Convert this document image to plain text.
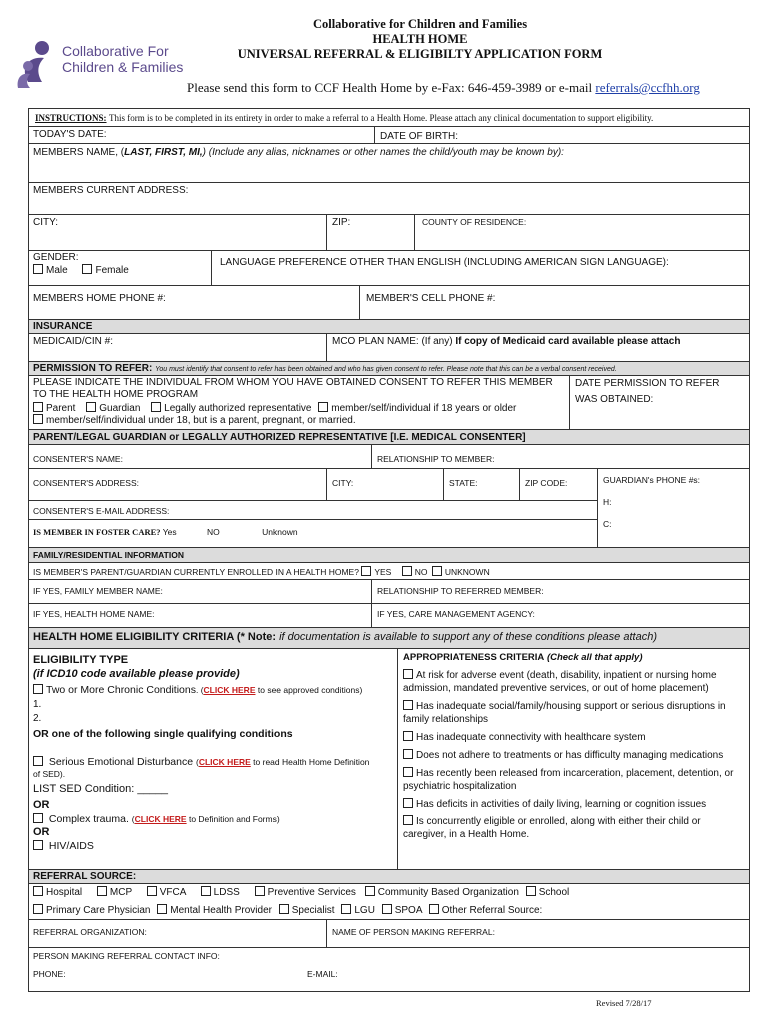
Collaborative For
Children & Families
Collaborative for Children and Families
HEALTH HOME
UNIVERSAL REFERRAL & ELIGIBILTY APPLICATION FORM
Please send this form to CCF Health Home by e-Fax: 646-459-3989 or e-mail referrals@ccfhh.org
INSTRUCTIONS: This form is to be completed in its entirety in order to make a referral to a Health Home. Please attach any clinical documentation to support eligibility.
TODAY'S DATE:	DATE OF BIRTH:
MEMBERS NAME, (LAST, FIRST, MI,) (Include any alias, nicknames or other names the child/youth may be known by):
MEMBERS CURRENT ADDRESS:
CITY:	ZIP:	COUNTY OF RESIDENCE:
GENDER:
Male	Female
LANGUAGE PREFERENCE OTHER THAN ENGLISH (INCLUDING AMERICAN SIGN LANGUAGE):
MEMBERS HOME PHONE #:	MEMBER'S CELL PHONE #:
INSURANCE
MEDICAID/CIN #:	MCO PLAN NAME: (If any) If copy of Medicaid card available please attach
PERMISSION TO REFER: You must identify that consent to refer has been obtained and who has given consent to refer. Please note that this can be a verbal consent received.
PLEASE INDICATE THE INDIVIDUAL FROM WHOM YOU HAVE OBTAINED CONSENT TO REFER THIS MEMBER
TO THE HEALTH HOME PROGRAM
Parent Guardian Legally authorized representative member/self/individual if 18 years or older
member/self/individual under 18, but is a parent, pregnant, or married.
DATE PERMISSION TO REFER
WAS OBTAINED:
PARENT/LEGAL GUARDIAN or LEGALLY AUTHORIZED REPRESENTATIVE [I.E. MEDICAL CONSENTER]
CONSENTER'S NAME:	RELATIONSHIP TO MEMBER:
CONSENTER'S ADDRESS:	CITY:	STATE:	ZIP CODE:	GUARDIAN's PHONE #s:
H:
C:
CONSENTER'S E-MAIL ADDRESS:
IS MEMBER IN FOSTER CARE? Yes	NO	Unknown
FAMILY/RESIDENTIAL INFORMATION
IS MEMBER'S PARENT/GUARDIAN CURRENTLY ENROLLED IN A HEALTH HOME? YES	NO UNKNOWN
IF YES, FAMILY MEMBER NAME:	RELATIONSHIP TO REFERRED MEMBER:
IF YES, HEALTH HOME NAME:	IF YES, CARE MANAGEMENT AGENCY:
HEALTH HOME ELIGIBILITY CRITERIA (* Note: if documentation is available to support any of these conditions please attach)
ELIGIBILITY TYPE
(if ICD10 code available please provide)
Two or More Chronic Conditions. (CLICK HERE to see approved conditions)
1.
2.
OR one of the following single qualifying conditions
Serious Emotional Disturbance (CLICK HERE to read Health Home Definition
of SED).
LIST SED Condition: _____
OR
Complex trauma. (CLICK HERE to Definition and Forms)
OR
HIV/AIDS
APPROPRIATENESS CRITERIA (Check all that apply)
At risk for adverse event (death, disability, inpatient or nursing home
admission, mandated preventive services, or out of home placement)
Has inadequate social/family/housing support or serious disruptions in
family relationships
Has inadequate connectivity with healthcare system
Does not adhere to treatments or has difficulty managing medications
Has recently been released from incarceration, placement, detention, or
psychiatric hospitalization
Has deficits in activities of daily living, learning or cognition issues
Is concurrently eligible or enrolled, along with either their child or
caregiver, in a Health Home.
REFERRAL SOURCE:
Hospital	MCP	VFCA	LDSS	Preventive Services Community Based Organization School
Primary Care Physician Mental Health Provider Specialist LGU SPOA Other Referral Source:
REFERRAL ORGANIZATION:	NAME OF PERSON MAKING REFERRAL:
PERSON MAKING REFERRAL CONTACT INFO:
PHONE:	E-MAIL:
Revised 7/28/17
